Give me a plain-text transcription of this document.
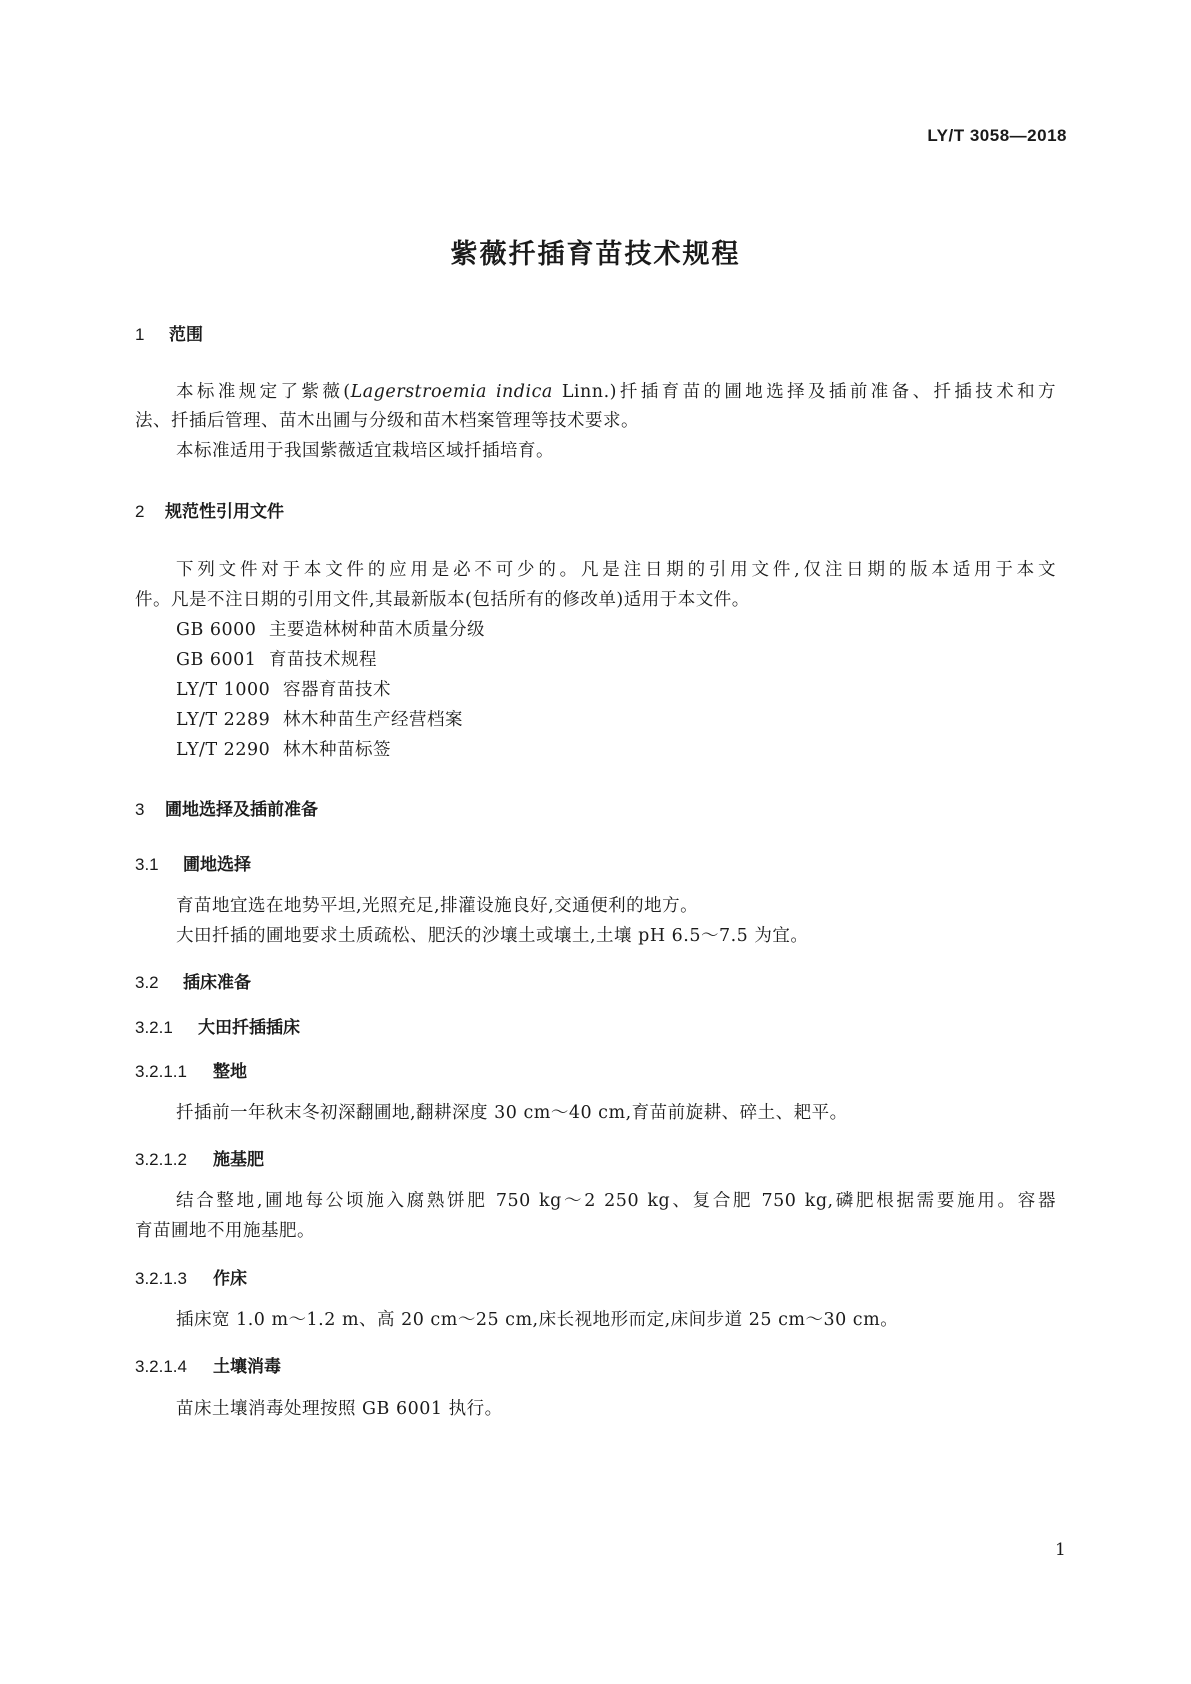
LY/T 3058—2018
紫薇扦插育苗技术规程
1 范围
本标准规定了紫薇(Lagerstroemia indica Linn.)扦插育苗的圃地选择及插前准备、扦插技术和方
法、扦插后管理、苗木出圃与分级和苗木档案管理等技术要求。
本标准适用于我国紫薇适宜栽培区域扦插培育。
2 规范性引用文件
下列文件对于本文件的应用是必不可少的。凡是注日期的引用文件,仅注日期的版本适用于本文
件。凡是不注日期的引用文件,其最新版本(包括所有的修改单)适用于本文件。
GB 6000 主要造林树种苗木质量分级
GB 6001 育苗技术规程
LY/T 1000 容器育苗技术
LY/T 2289 林木种苗生产经营档案
LY/T 2290 林木种苗标签
3 圃地选择及插前准备
3.1 圃地选择
育苗地宜选在地势平坦,光照充足,排灌设施良好,交通便利的地方。
大田扦插的圃地要求土质疏松、肥沃的沙壤土或壤土,土壤 pH 6.5～7.5 为宜。
3.2 插床准备
3.2.1 大田扦插插床
3.2.1.1 整地
扦插前一年秋末冬初深翻圃地,翻耕深度 30 cm～40 cm,育苗前旋耕、碎土、耙平。
3.2.1.2 施基肥
结合整地,圃地每公顷施入腐熟饼肥 750 kg～2 250 kg、复合肥 750 kg,磷肥根据需要施用。容器
育苗圃地不用施基肥。
3.2.1.3 作床
插床宽 1.0 m～1.2 m、高 20 cm～25 cm,床长视地形而定,床间步道 25 cm～30 cm。
3.2.1.4 土壤消毒
苗床土壤消毒处理按照 GB 6001 执行。
1
